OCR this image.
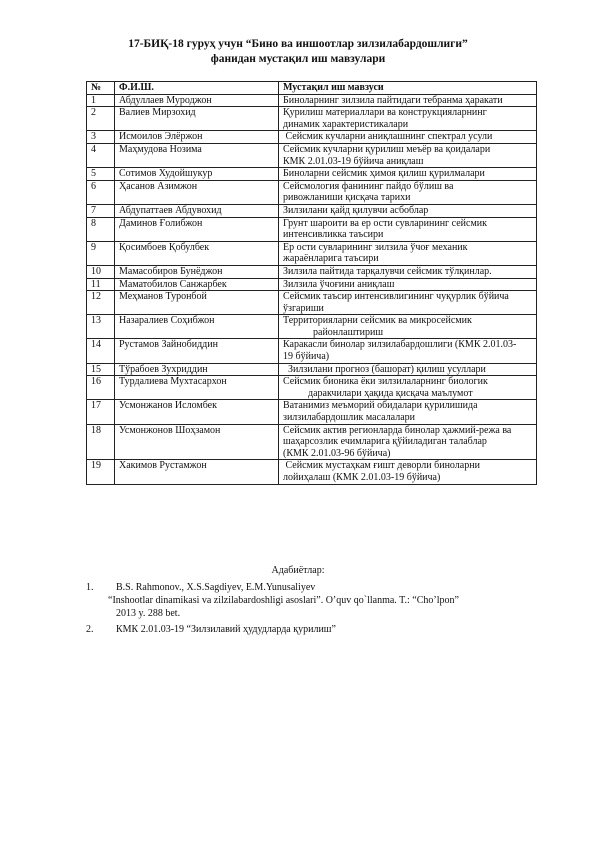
17-БИҚ-18 гуруҳ учун “Бино ва иншоотлар зилзилабардошлиги”
фанидан мустақил иш мавзулари
№	Ф.И.Ш.	Мустақил иш мавзуси
1	Абдуллаев Муроджон	Биноларнинг зилзила пайтидаги тебранма ҳаракати

2	Валиев Мирзохид	Қурилиш материаллари ва конструкцияларнинг
динамик характеристикалари

3	Исмоилов Элёржон	Сейсмик кучларни аниқлашнинг спектрал усули

4	Маҳмудова Нозима	Сейсмик кучларни қурилиш меъёр ва қоидалари
КМК 2.01.03-19 бўйича аниқлаш

5	Сотимов Худойшукур	Биноларни сейсмик ҳимоя қилиш қурилмалари

6	Ҳасанов Азимжон	Сейсмология фанининг пайдо бўлиш ва
ривожланиши қисқача тарихи

7	Абдупаттаев Абдувохид	Зилзилани қайд қилувчи асбоблар

8	Даминов Ғолибжон	Грунт шароити ва ер ости сувларининг сейсмик
интенсивликка таъсири

9	Қосимбоев Қобулбек	Ер ости сувларининг зилзила ўчоғ механик
жараёнларига таъсири

10	Мамасобиров Бунёджон	Зилзила пайтида тарқалувчи сейсмик тўлқинлар.

11	Маматобилов Санжарбек	Зилзила ўчоғини аниқлаш

12	Меҳманов Туронбой	Сейсмик таъсир интенсивлигининг чуқурлик бўйича
ўзгариши

13	Назаралиев Соҳибжон	Территорияларни сейсмик ва микросейсмик
районлаштириш

14	Рустамов Зайнобиддин	Каракасли бинолар зилзилабардошлиги (КМК 2.01.03-
19 бўйича)

15	Тўрабоев Зухриддин	Зилзилани прогноз (башорат) қилиш усуллари

16	Турдалиева Мухтасархон	Сейсмик бионика ёки зилзилаларнинг биологик
даракчилари ҳақида қисқача маълумот

17	Усмонжанов Исломбек	Ватанимиз меъморий обидалари қурилишида
зилзилабардошлик масалалари

18	Усмонжонов Шоҳзамон	Сейсмик актив регионларда бинолар ҳажмий-режа ва
шаҳарсозлик ечимларига қўйиладиган талаблар
(КМК 2.01.03-96 бўйича)

19	Хакимов Рустамжон	Сейсмик мустаҳкам ғишт деворли биноларни
лойиҳалаш (КМК 2.01.03-19 бўйича)
Адабиётлар:
1.	B.S. Rahmonov., X.S.Sagdiyev, E.M.Yunusaliyev
“Inshootlar dinamikasi va zilzilabardoshligi asoslari”. O’quv qo`llanma. T.: “Cho’lpon”
2013 y. 288 bet.
2.	КМК 2.01.03-19 “Зилзилавий ҳудудларда қурилиш”
